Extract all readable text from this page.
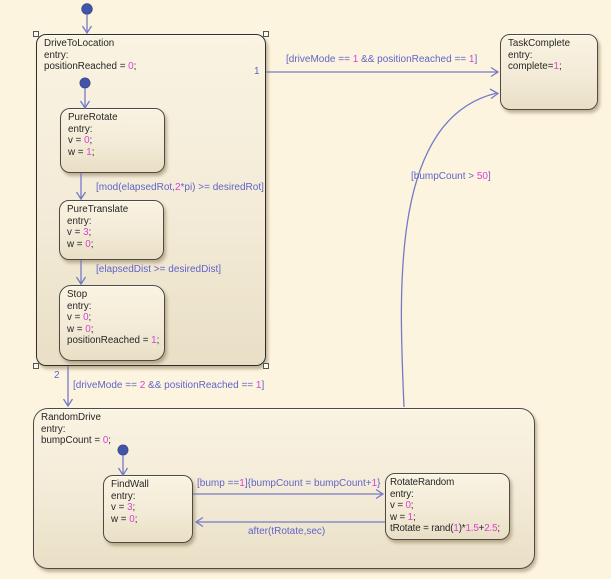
DriveToLocation
entry:
positionReached = 0;
PureRotate
entry:
v = 0;
w = 1;
PureTranslate
entry:
v = 3;
w = 0;
Stop
entry:
v = 0;
w = 0;
positionReached = 1;
TaskComplete
entry:
complete=1;
RandomDrive
entry:
bumpCount = 0;
FindWall
entry:
v = 3;
w = 0;
RotateRandom
entry:
v = 0;
w = 1;
tRotate = rand(1)*1.5+2.5;
1
[driveMode == 1 && positionReached == 1]
[mod(elapsedRot,2*pi) >= desiredRot]
[elapsedDist >= desiredDist]
2
[driveMode == 2 && positionReached == 1]
[bumpCount > 50]
[bump ==1]{bumpCount = bumpCount+1}
after(tRotate,sec)
